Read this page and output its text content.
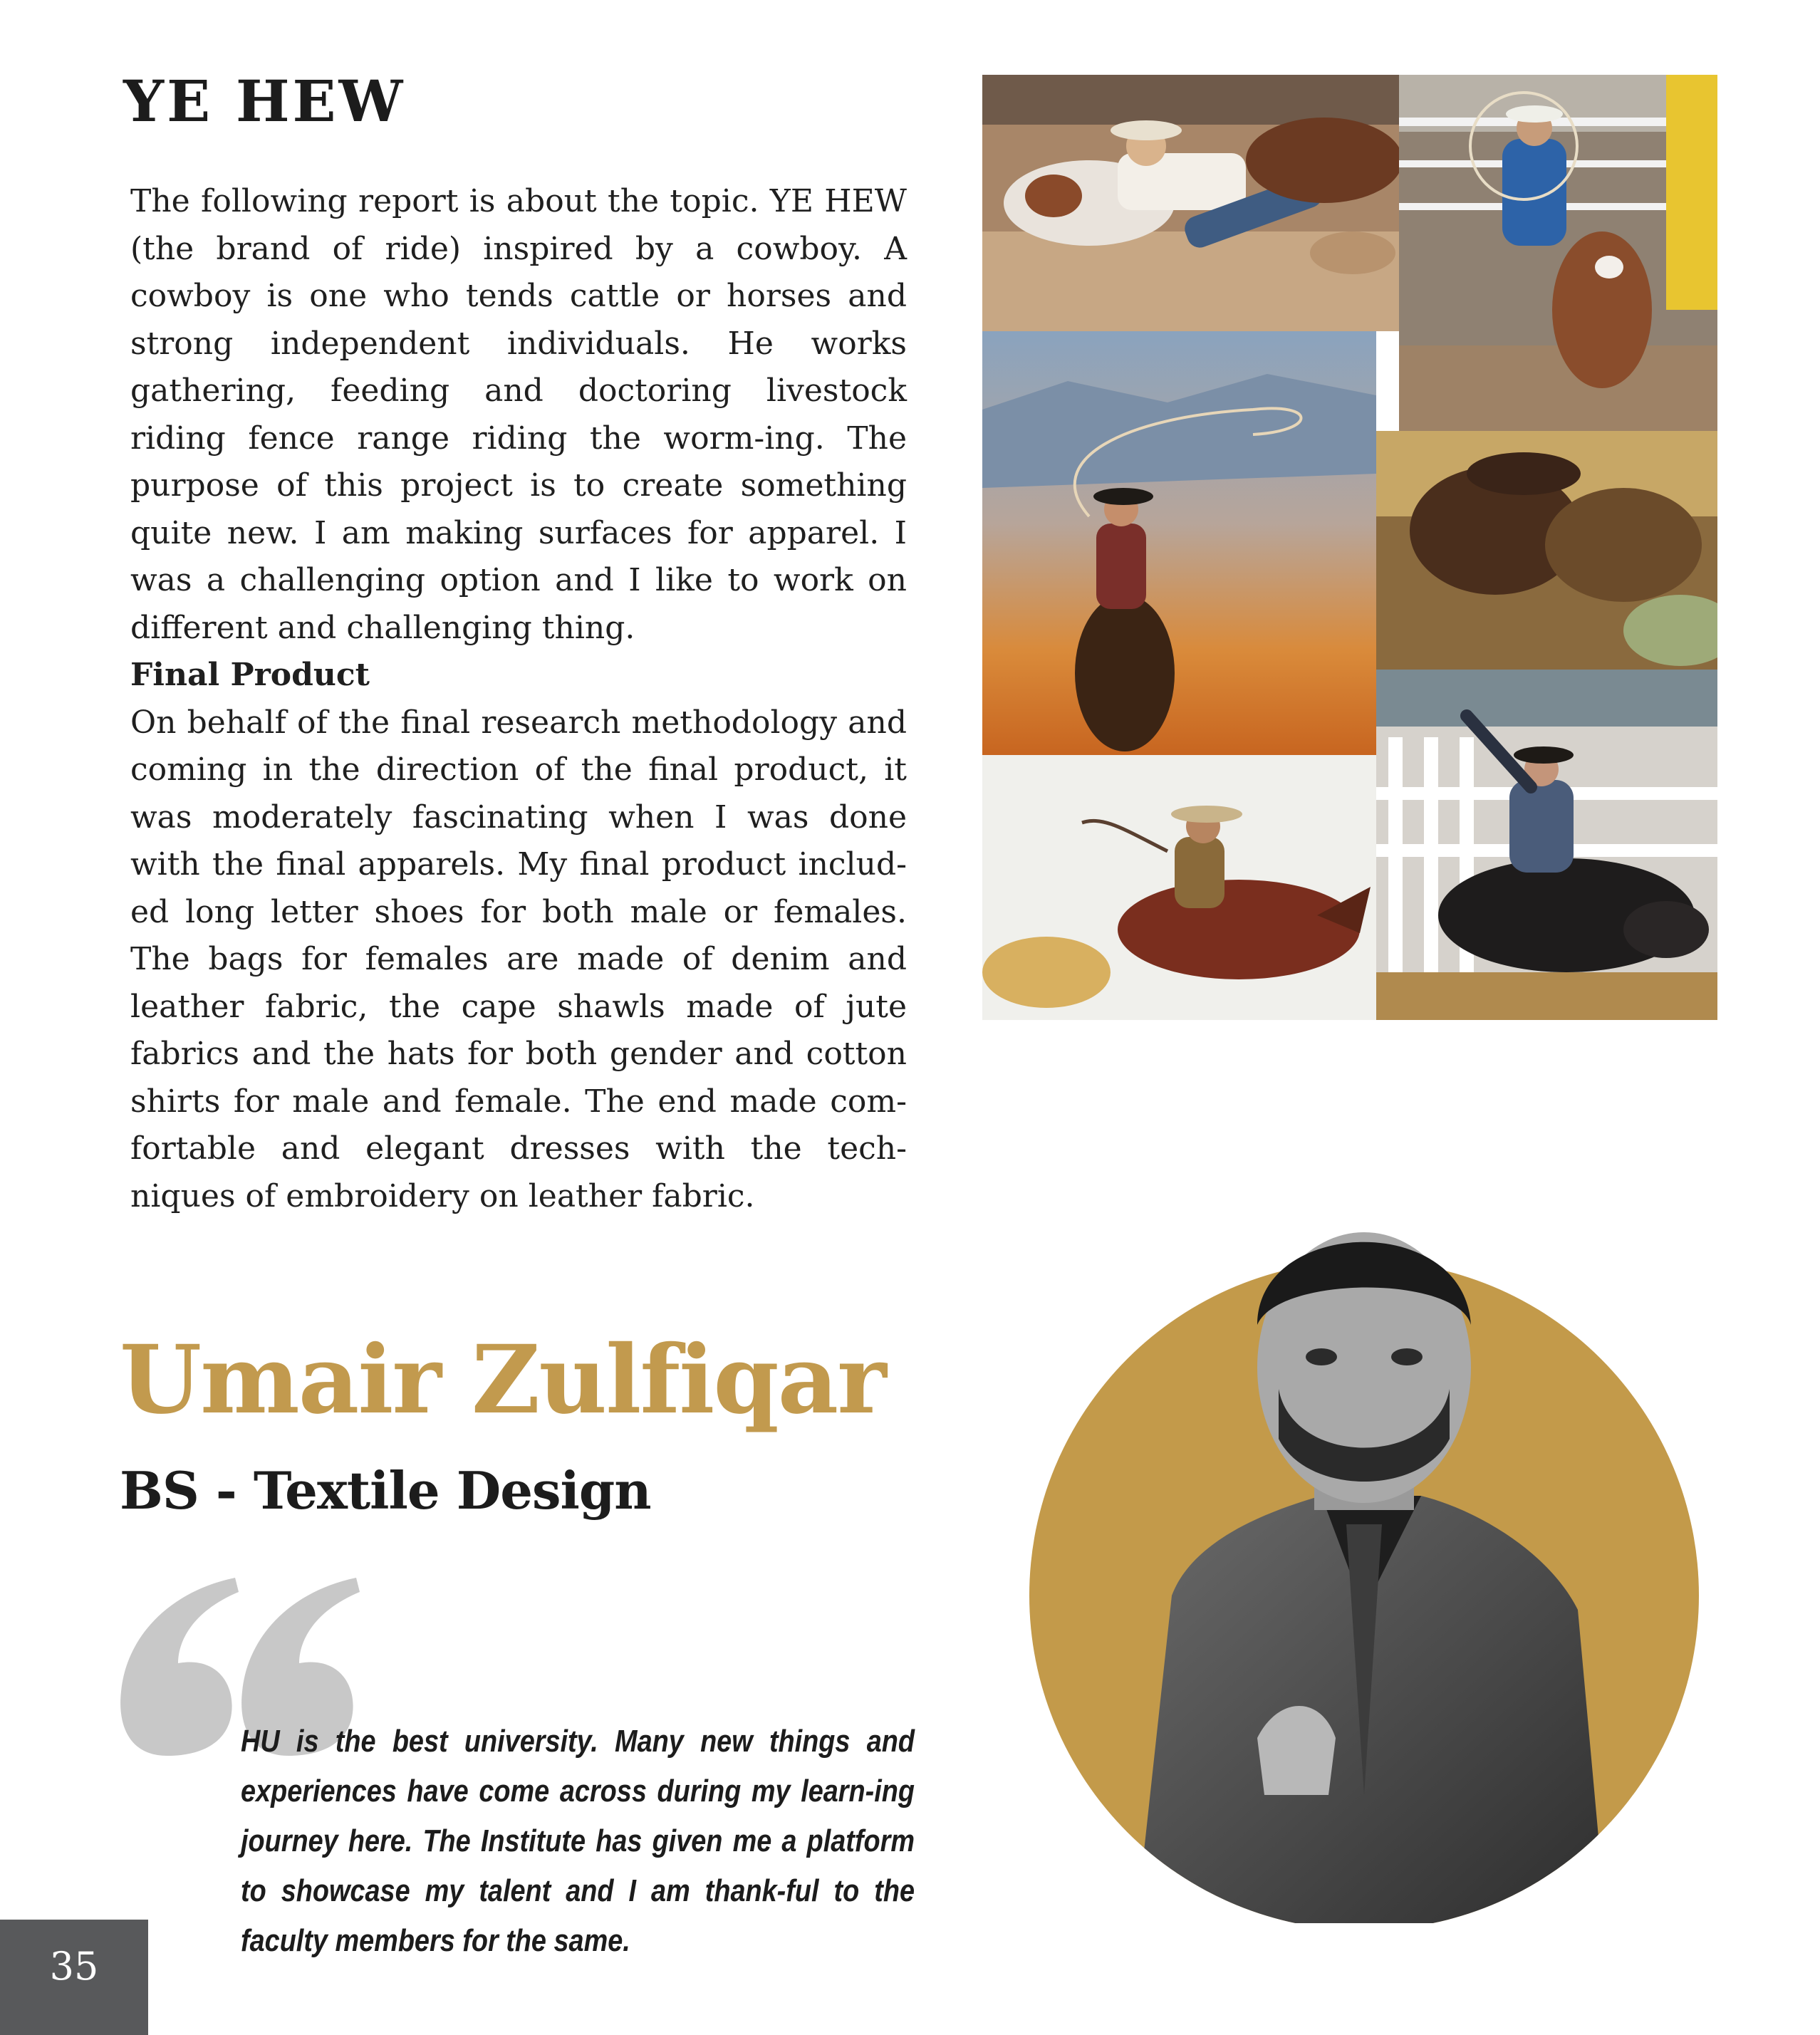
YE HEW

The following report is about the topic. YE HEW (the brand of ride) inspired by a cowboy. A cowboy is one who tends cattle or horses and strong independent individuals. He works gathering, feeding and doctoring livestock riding fence range riding the worm-ing. The purpose of this project is to create something quite new. I am making surfaces for apparel. I was a challenging option and I like to work on different and challenging thing.

Final Product

On behalf of the final research methodology and coming in the direction of the final product, it was moderately fascinating when I was done with the final apparels. My final product includ-ed long letter shoes for both male or females. The bags for females are made of denim and leather fabric, the cape shawls made of jute fabrics and the hats for both gender and cotton shirts for male and female. The end made com-fortable and elegant dresses with the tech-niques of embroidery on leather fabric.

Umair Zulfiqar
BS - Textile Design

HU is the best university. Many new things and experiences have come across during my learn-ing journey here. The Institute has given me a platform to showcase my talent and I am thank-ful to the faculty members for the same.

35
